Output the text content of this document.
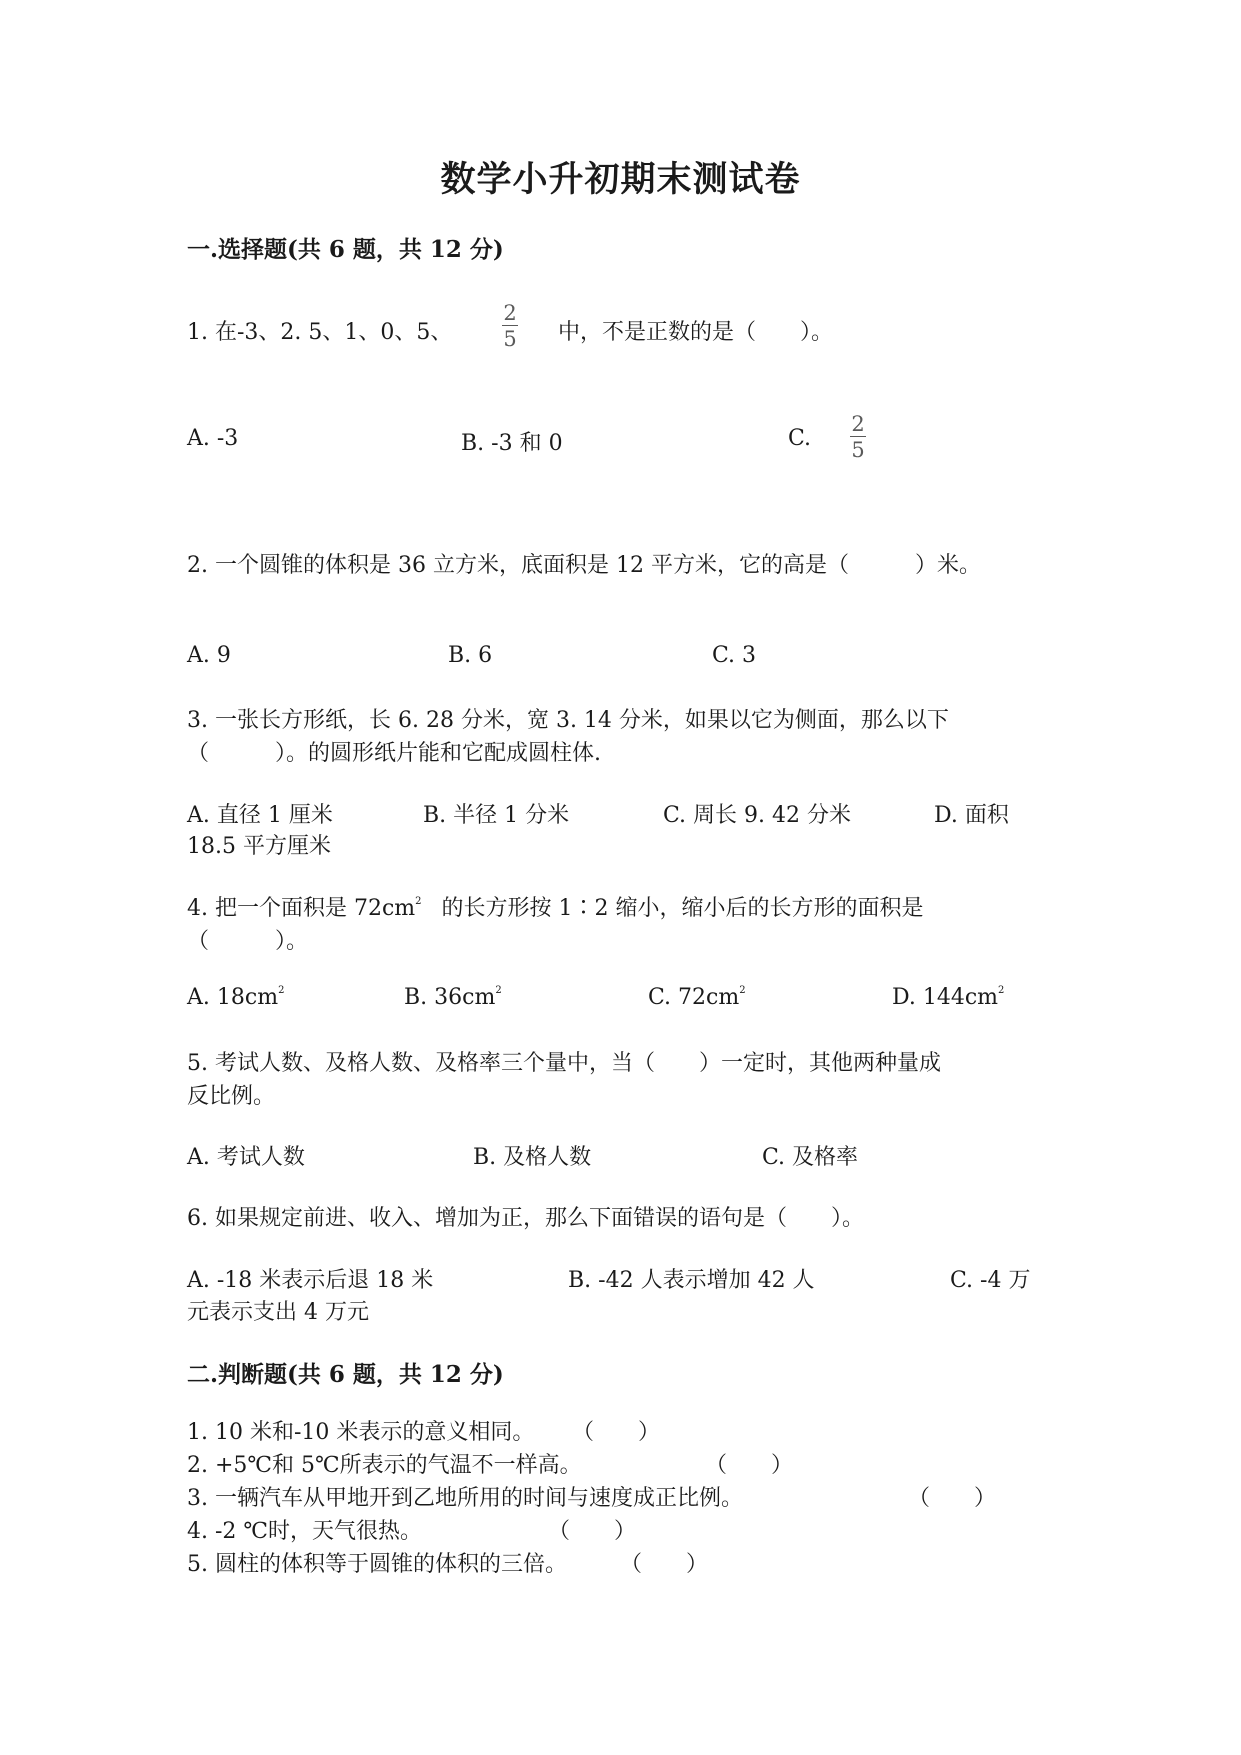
数学小升初期末测试卷
一.选择题(共 6 题，共 12 分)
1. 在-3、2. 5、1、0、5、 $\frac{2}{5}$ 中，不是正数的是（　　）。
A. -3	B. -3 和 0	C. $\frac{2}{5}$
2. 一个圆锥的体积是 36 立方米，底面积是 12 平方米，它的高是（　　　）米。
A. 9	B. 6	C. 3
3. 一张长方形纸，长 6. 28 分米，宽 3. 14 分米，如果以它为侧面，那么以下
（　　　）。的圆形纸片能和它配成圆柱体.
A. 直径 1 厘米	B. 半径 1 分米	C. 周长 9. 42 分米	D. 面积
18.5 平方厘米
4. 把一个面积是 $72cm^2$ 的长方形按 1∶2 缩小，缩小后的长方形的面积是
（　　　）。
A. $18cm^2$	B. $36cm^2$	C. $72cm^2$	D. $144cm^2$
5. 考试人数、及格人数、及格率三个量中，当（　　）一定时，其他两种量成
反比例。
A. 考试人数	B. 及格人数	C. 及格率
6. 如果规定前进、收入、增加为正，那么下面错误的语句是（　　）。
A. -18 米表示后退 18 米	B. -42 人表示增加 42 人	C. -4 万
元表示支出 4 万元
二.判断题(共 6 题，共 12 分)
1. 10 米和-10 米表示的意义相同。 （　　）
2. +5℃和 5℃所表示的气温不一样高。	（　　）
3. 一辆汽车从甲地开到乙地所用的时间与速度成正比例。	（　　）
4. -2 ℃时，天气很热。	（　　）
5. 圆柱的体积等于圆锥的体积的三倍。 （　　）
